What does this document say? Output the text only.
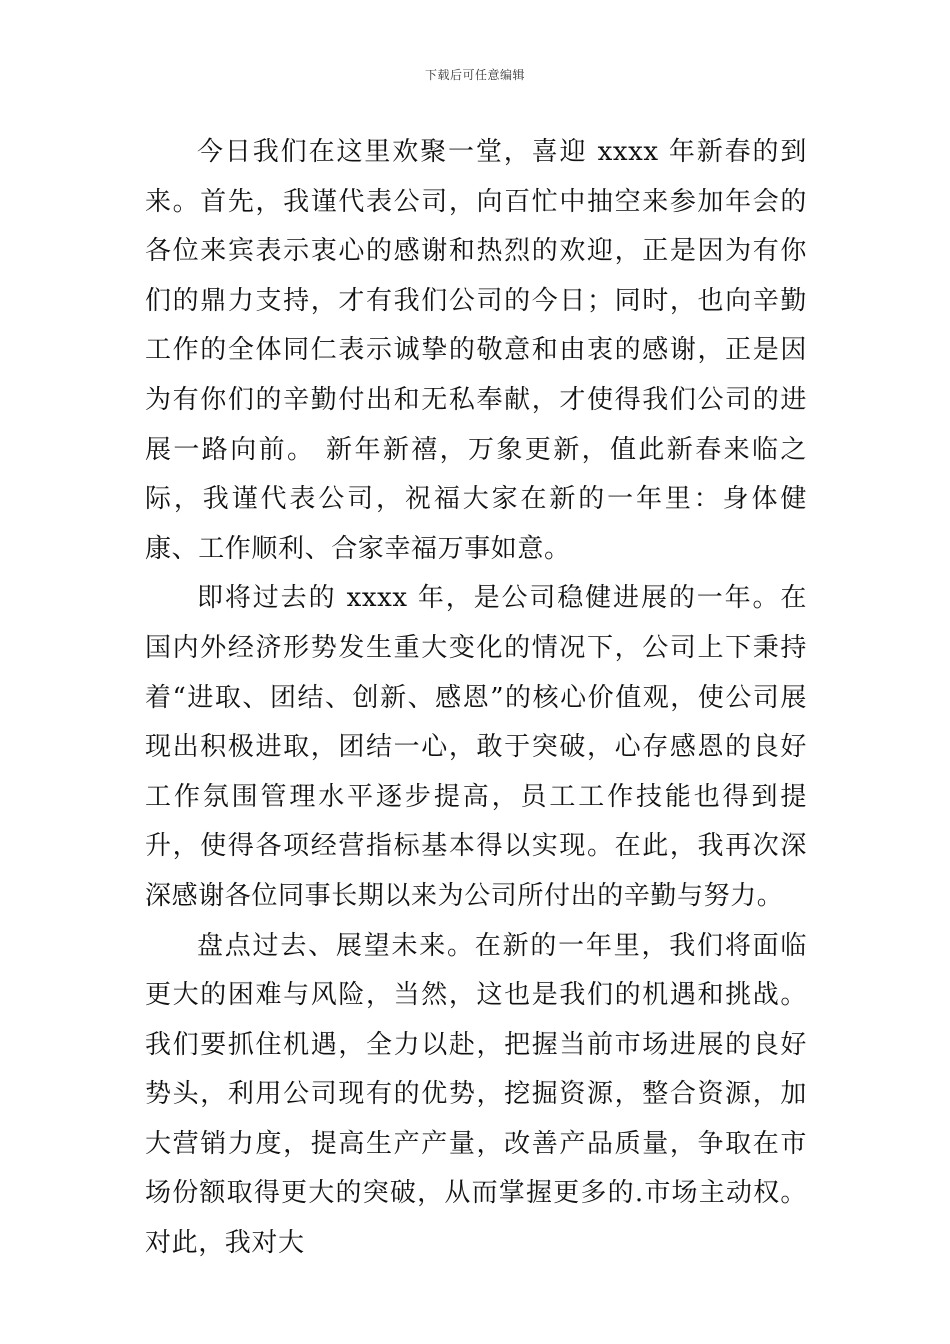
下载后可任意编辑

今日我们在这里欢聚一堂，喜迎 xxxx 年新春的到来。首先，我谨代表公司，向百忙中抽空来参加年会的各位来宾表示衷心的感谢和热烈的欢迎，正是因为有你们的鼎力支持，才有我们公司的今日；同时，也向辛勤工作的全体同仁表示诚挚的敬意和由衷的感谢，正是因为有你们的辛勤付出和无私奉献，才使得我们公司的进展一路向前。 新年新禧，万象更新，值此新春来临之际，我谨代表公司，祝福大家在新的一年里：身体健康、工作顺利、合家幸福万事如意。

即将过去的 xxxx 年，是公司稳健进展的一年。在国内外经济形势发生重大变化的情况下，公司上下秉持着“进取、团结、创新、感恩”的核心价值观，使公司展现出积极进取，团结一心，敢于突破，心存感恩的良好工作氛围管理水平逐步提高，员工工作技能也得到提升，使得各项经营指标基本得以实现。在此，我再次深深感谢各位同事长期以来为公司所付出的辛勤与努力。

盘点过去、展望未来。在新的一年里，我们将面临更大的困难与风险，当然，这也是我们的机遇和挑战。我们要抓住机遇，全力以赴，把握当前市场进展的良好势头，利用公司现有的优势，挖掘资源，整合资源，加大营销力度，提高生产产量，改善产品质量，争取在市场份额取得更大的突破，从而掌握更多的.市场主动权。对此，我对大
